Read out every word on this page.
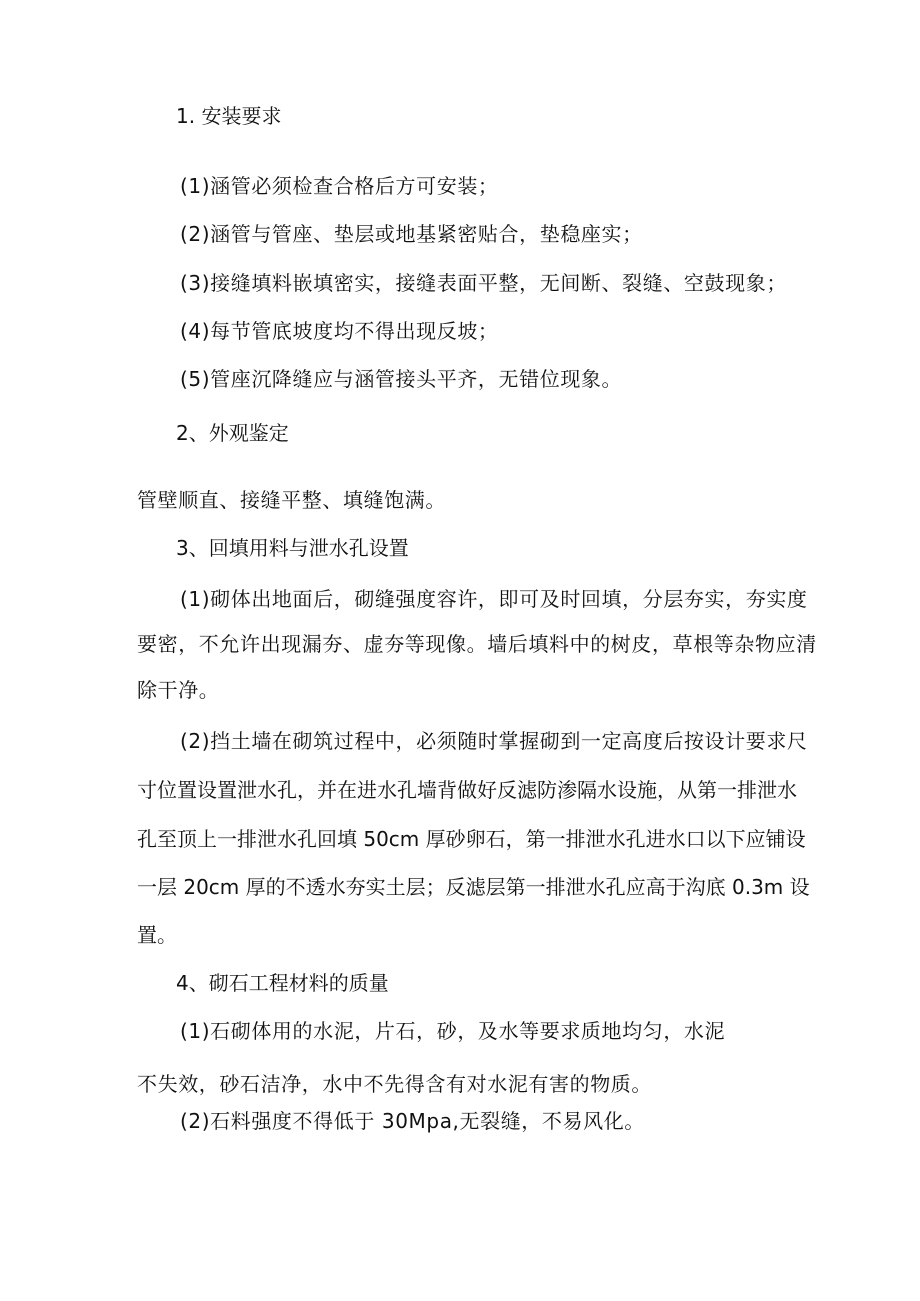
1. 安装要求
(1)涵管必须检查合格后方可安装；
(2)涵管与管座、垫层或地基紧密贴合，垫稳座实；
(3)接缝填料嵌填密实，接缝表面平整，无间断、裂缝、空鼓现象；
(4)每节管底坡度均不得出现反坡；
(5)管座沉降缝应与涵管接头平齐，无错位现象。
2、外观鉴定
管壁顺直、接缝平整、填缝饱满。
3、回填用料与泄水孔设置
(1)砌体出地面后，砌缝强度容许，即可及时回填，分层夯实，夯实度
要密，不允许出现漏夯、虚夯等现像。墙后填料中的树皮，草根等杂物应清
除干净。
(2)挡土墙在砌筑过程中，必须随时掌握砌到一定高度后按设计要求尺
寸位置设置泄水孔，并在进水孔墙背做好反滤防渗隔水设施，从第一排泄水
孔至顶上一排泄水孔回填 50cm 厚砂卵石，第一排泄水孔进水口以下应铺设
一层 20cm 厚的不透水夯实土层；反滤层第一排泄水孔应高于沟底 0.3m 设
置。
4、砌石工程材料的质量
(1)石砌体用的水泥，片石，砂，及水等要求质地均匀，水泥
不失效，砂石洁净，水中不先得含有对水泥有害的物质。
(2)石料强度不得低于 30Mpa,无裂缝，不易风化。
